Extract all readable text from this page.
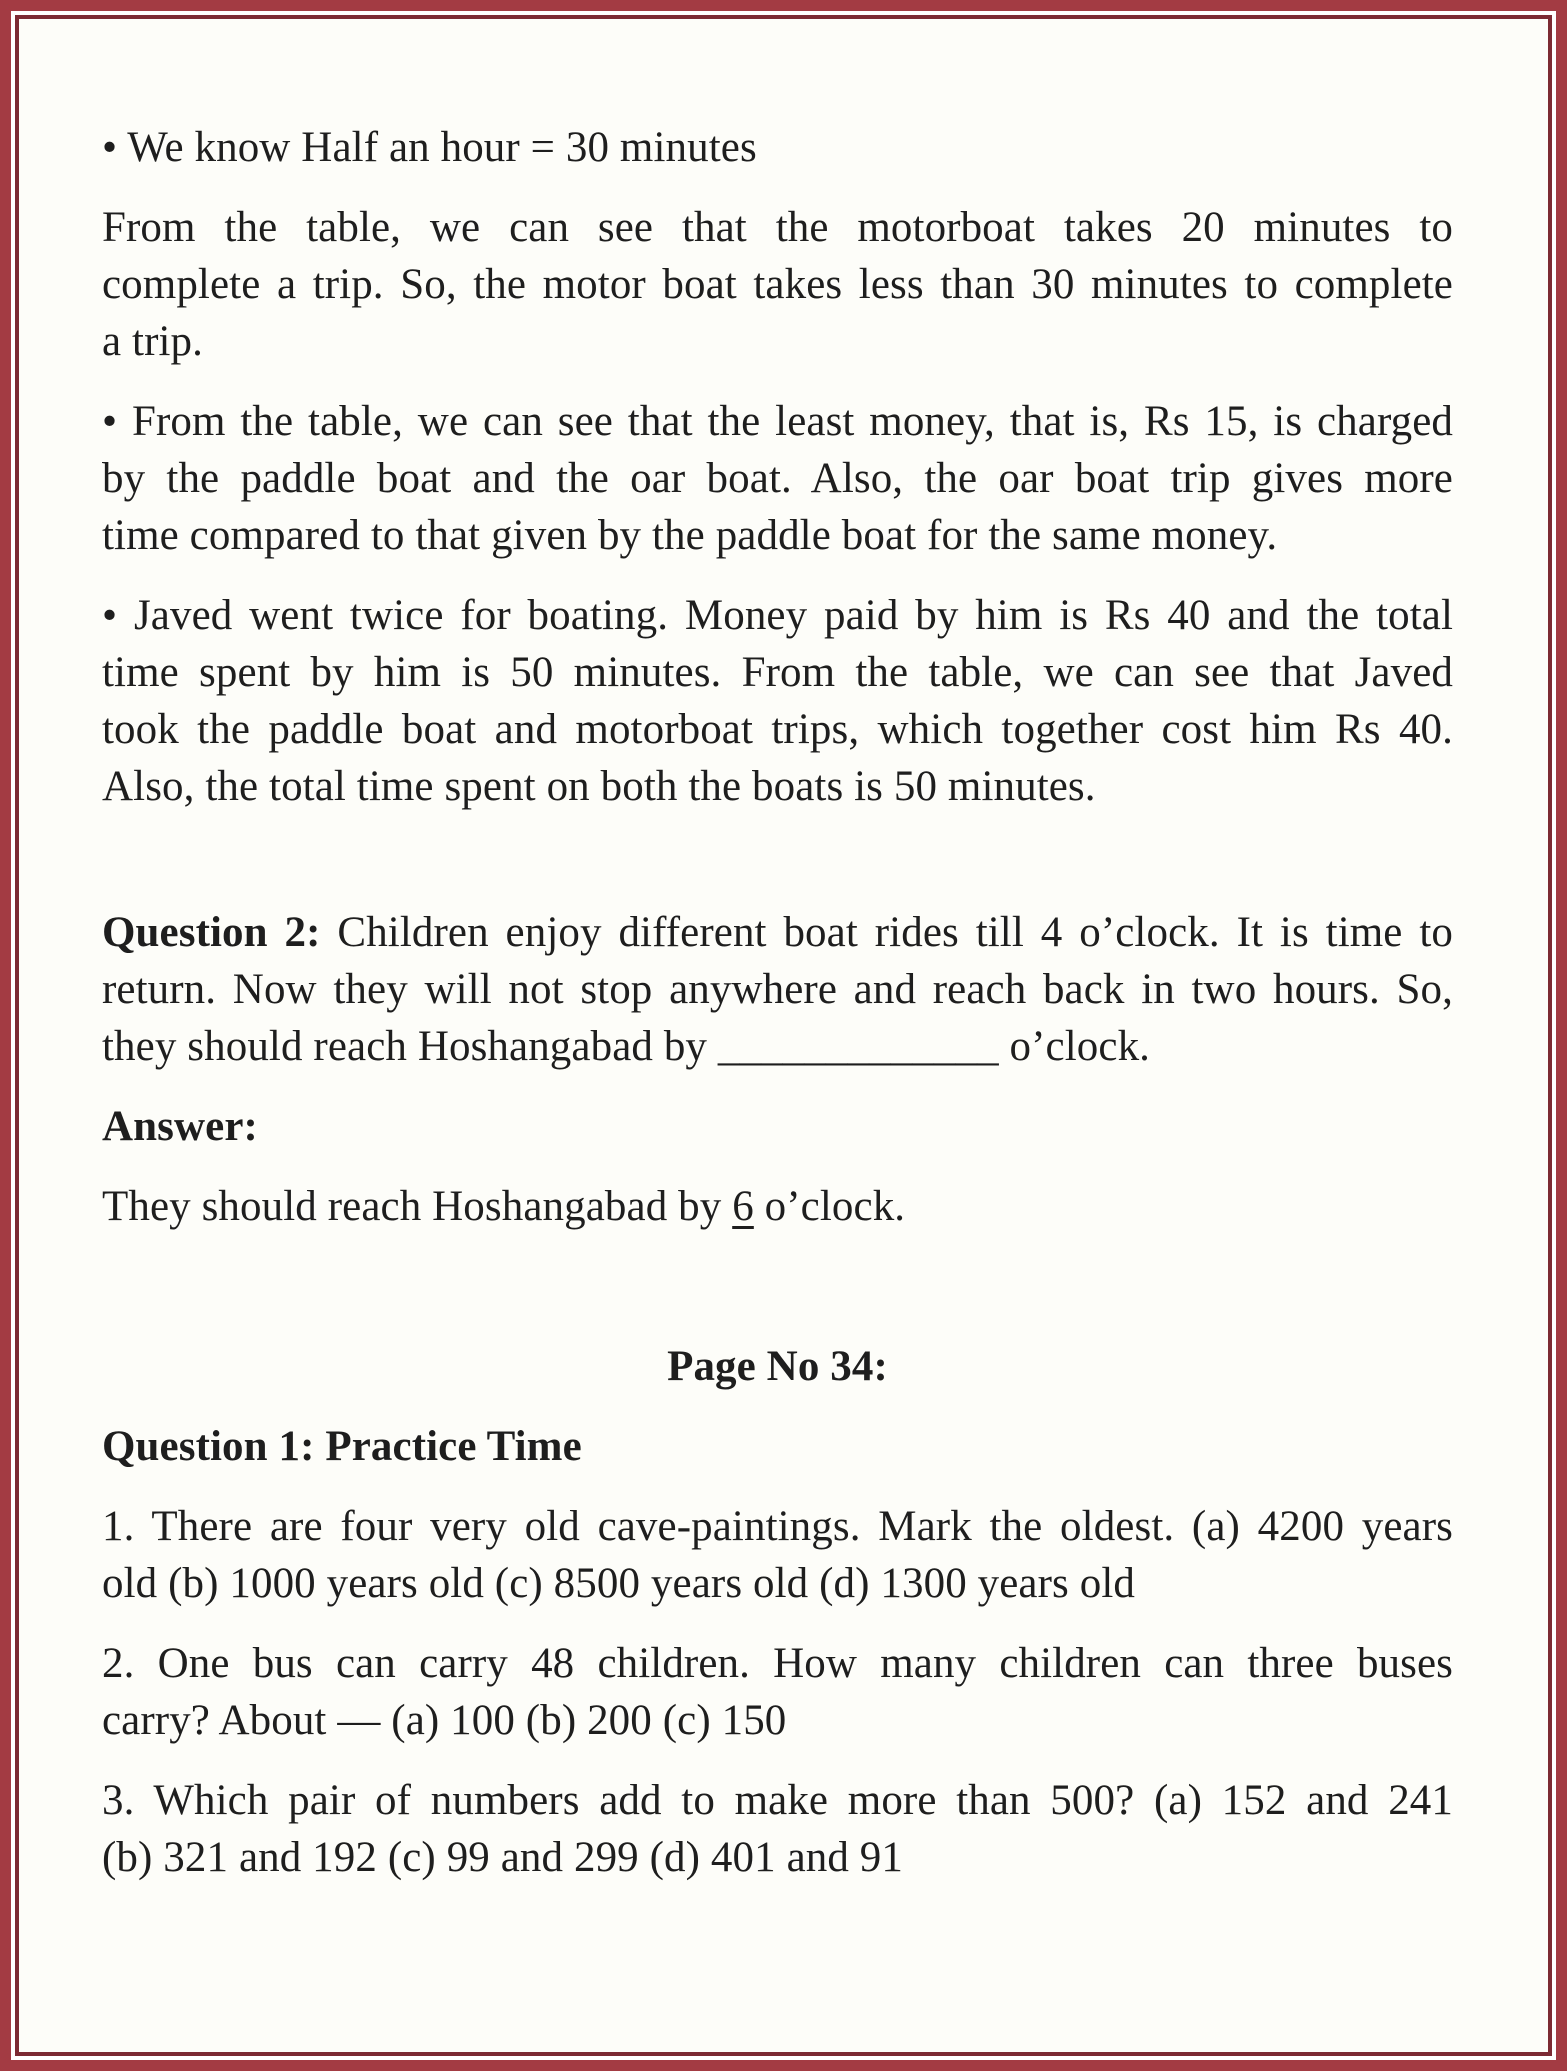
• We know Half an hour = 30 minutes
From the table, we can see that the motorboat takes 20 minutes to
complete a trip. So, the motor boat takes less than 30 minutes to complete
a trip.
• From the table, we can see that the least money, that is, Rs 15, is charged
by the paddle boat and the oar boat. Also, the oar boat trip gives more
time compared to that given by the paddle boat for the same money.
• Javed went twice for boating. Money paid by him is Rs 40 and the total
time spent by him is 50 minutes. From the table, we can see that Javed
took the paddle boat and motorboat trips, which together cost him Rs 40.
Also, the total time spent on both the boats is 50 minutes.
Question 2: Children enjoy different boat rides till 4 o’clock. It is time to
return. Now they will not stop anywhere and reach back in two hours. So,
they should reach Hoshangabad by _____________ o’clock.
Answer:
They should reach Hoshangabad by 6 o’clock.
Page No 34:
Question 1: Practice Time
1. There are four very old cave-paintings. Mark the oldest. (a) 4200 years
old (b) 1000 years old (c) 8500 years old (d) 1300 years old
2. One bus can carry 48 children. How many children can three buses
carry? About — (a) 100 (b) 200 (c) 150
3. Which pair of numbers add to make more than 500? (a) 152 and 241
(b) 321 and 192 (c) 99 and 299 (d) 401 and 91
